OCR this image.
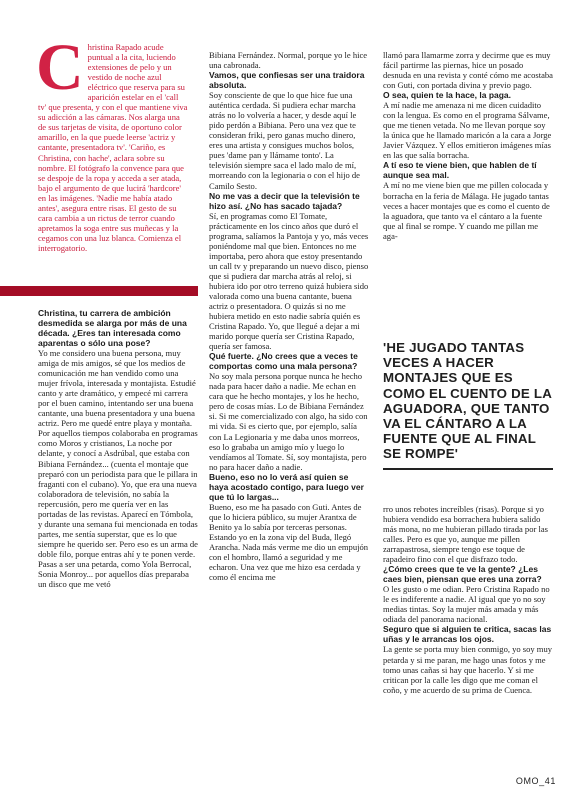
C hristina Rapado acude puntual a la cita, luciendo extensiones de pelo y un vestido de noche azul eléctrico que reserva para su aparición estelar en el 'call tv' que presenta, y con el que mantiene viva su adicción a las cámaras. Nos alarga una de sus tarjetas de visita, de oportuno color amarillo, en la que puede leerse 'actriz y cantante, presentadora tv'. 'Cariño, es Christina, con hache', aclara sobre su nombre. El fotógrafo la convence para que se despoje de la ropa y acceda a ser atada, bajo el argumento de que lucirá 'hardcore' en las imágenes. 'Nadie me había atado antes', asegura entre risas. El gesto de su cara cambia a un rictus de terror cuando apretamos la soga entre sus muñecas y la cegamos con una luz blanca. Comienza el interrogatorio.

Christina, tu carrera de ambición desmedida se alarga por más de una década. ¿Eres tan interesada como aparentas o sólo una pose?

Yo me considero una buena persona, muy amiga de mis amigos, sé que los medios de comunicación me han vendido como una mujer frívola, interesada y montajista. Estudié canto y arte dramático, y empecé mi carrera por el buen camino, intentando ser una buena cantante, una buena presentadora y una buena actriz. Pero me quedé entre playa y montaña. Por aquellos tiempos colaboraba en programas como Moros y cristianos, La noche por delante, y conocí a Asdrúbal, que estaba con Bibiana Fernández... (cuenta el montaje que preparó con un periodista para que le pillara in fraganti con el cubano). Yo, que era una nueva colaboradora de televisión, no sabía la repercusión, pero me quería ver en las portadas de las revistas. Aparecí en Tómbola, y durante una semana fui mencionada en todas partes, me sentía superstar, que es lo que siempre he querido ser. Pero eso es un arma de doble filo, porque entras ahí y te ponen verde. Pasas a ser una petarda, como Yola Berrocal, Sonia Monroy... por aquellos días preparaba un disco que me vetó

Bibiana Fernández. Normal, porque yo le hice una cabronada.

Vamos, que confiesas ser una traidora absoluta.

Soy consciente de que lo que hice fue una auténtica cerdada. Si pudiera echar marcha atrás no lo volvería a hacer, y desde aquí le pido perdón a Bibiana. Pero una vez que te consideran friki, pero ganas mucho dinero, eres una artista y consigues muchos bolos, pues 'dame pan y llámame tonto'. La televisión siempre saca el lado malo de mí, morreando con la legionaria o con el hijo de Camilo Sesto.

No me vas a decir que la televisión te hizo así. ¿No has sacado tajada?

Sí, en programas como El Tomate, prácticamente en los cinco años que duró el programa, salíamos la Pantoja y yo, más veces poniéndome mal que bien. Entonces no me importaba, pero ahora que estoy presentando un call tv y preparando un nuevo disco, pienso que si pudiera dar marcha atrás al reloj, si hubiera ido por otro terreno quizá hubiera sido valorada como una buena cantante, buena actriz o presentadora. O quizás si no me hubiera metido en esto nadie sabría quién es Cristina Rapado. Yo, que llegué a dejar a mi marido porque quería ser Cristina Rapado, quería ser famosa.

Qué fuerte. ¿No crees que a veces te comportas como una mala persona?

No soy mala persona porque nunca he hecho nada para hacer daño a nadie. Me echan en cara que he hecho montajes, y los he hecho, pero de cosas mías. Lo de Bibiana Fernández si. Si me comercializado con algo, ha sido con mi vida. Si es cierto que, por ejemplo, salía con La Legionaria y me daba unos morreos, eso lo grababa un amigo mío y luego lo vendíamos al Tomate. Sí, soy montajista, pero no para hacer daño a nadie.

Bueno, eso no lo verá así quien se haya acostado contigo, para luego ver que tú lo largas...

Bueno, eso me ha pasado con Guti. Antes de que lo hiciera público, su mujer Arantxa de Benito ya lo sabía por terceras personas. Estando yo en la zona vip del Buda, llegó Arancha. Nada más verme me dio un empujón con el hombro, llamó a seguridad y me echaron. Una vez que me hizo esa cerdada y como él encima me

llamó para llamarme zorra y decirme que es muy fácil partirme las piernas, hice un posado desnuda en una revista y conté cómo me acostaba con Guti, con portada divina y previo pago.

O sea, quien te la hace, la paga.

A mí nadie me amenaza ni me dicen cuidadito con la lengua. Es como en el programa Sálvame, que me tienen vetada. No me llevan porque soy la única que he llamado maricón a la cara a Jorge Javier Vázquez. Y ellos emitieron imágenes mías en las que salía borracha.

A tí eso te viene bien, que hablen de tí aunque sea mal.

A mí no me viene bien que me pillen colocada y borracha en la feria de Málaga. He jugado tantas veces a hacer montajes que es como el cuento de la aguadora, que tanto va el cántaro a la fuente que al final se rompe. Y cuando me pillan me aga-

'HE JUGADO TANTAS VECES A HACER MONTAJES QUE ES COMO EL CUENTO DE LA AGUADORA, QUE TANTO VA EL CÁNTARO A LA FUENTE QUE AL FINAL SE ROMPE'

rro unos rebotes increíbles (risas). Porque si yo hubiera vendido esa borrachera hubiera salido más mona, no me hubieran pillado tirada por las calles. Pero es que yo, aunque me pillen zarrapastrosa, siempre tengo ese toque de rapadeiro fino con el que disfrazo todo.

¿Cómo crees que te ve la gente? ¿Les caes bien, piensan que eres una zorra?

O les gusto o me odian. Pero Cristina Rapado no le es indiferente a nadie. Al igual que yo no soy medias tintas. Soy la mujer más amada y más odiada del panorama nacional.

Seguro que si alguien te critica, sacas las uñas y le arrancas los ojos.

La gente se porta muy bien conmigo, yo soy muy petarda y si me paran, me hago unas fotos y me tomo unas cañas si hay que hacerlo. Y si me critican por la calle les digo que me coman el coño, y me acuerdo de su prima de Cuenca.

OMO_41
